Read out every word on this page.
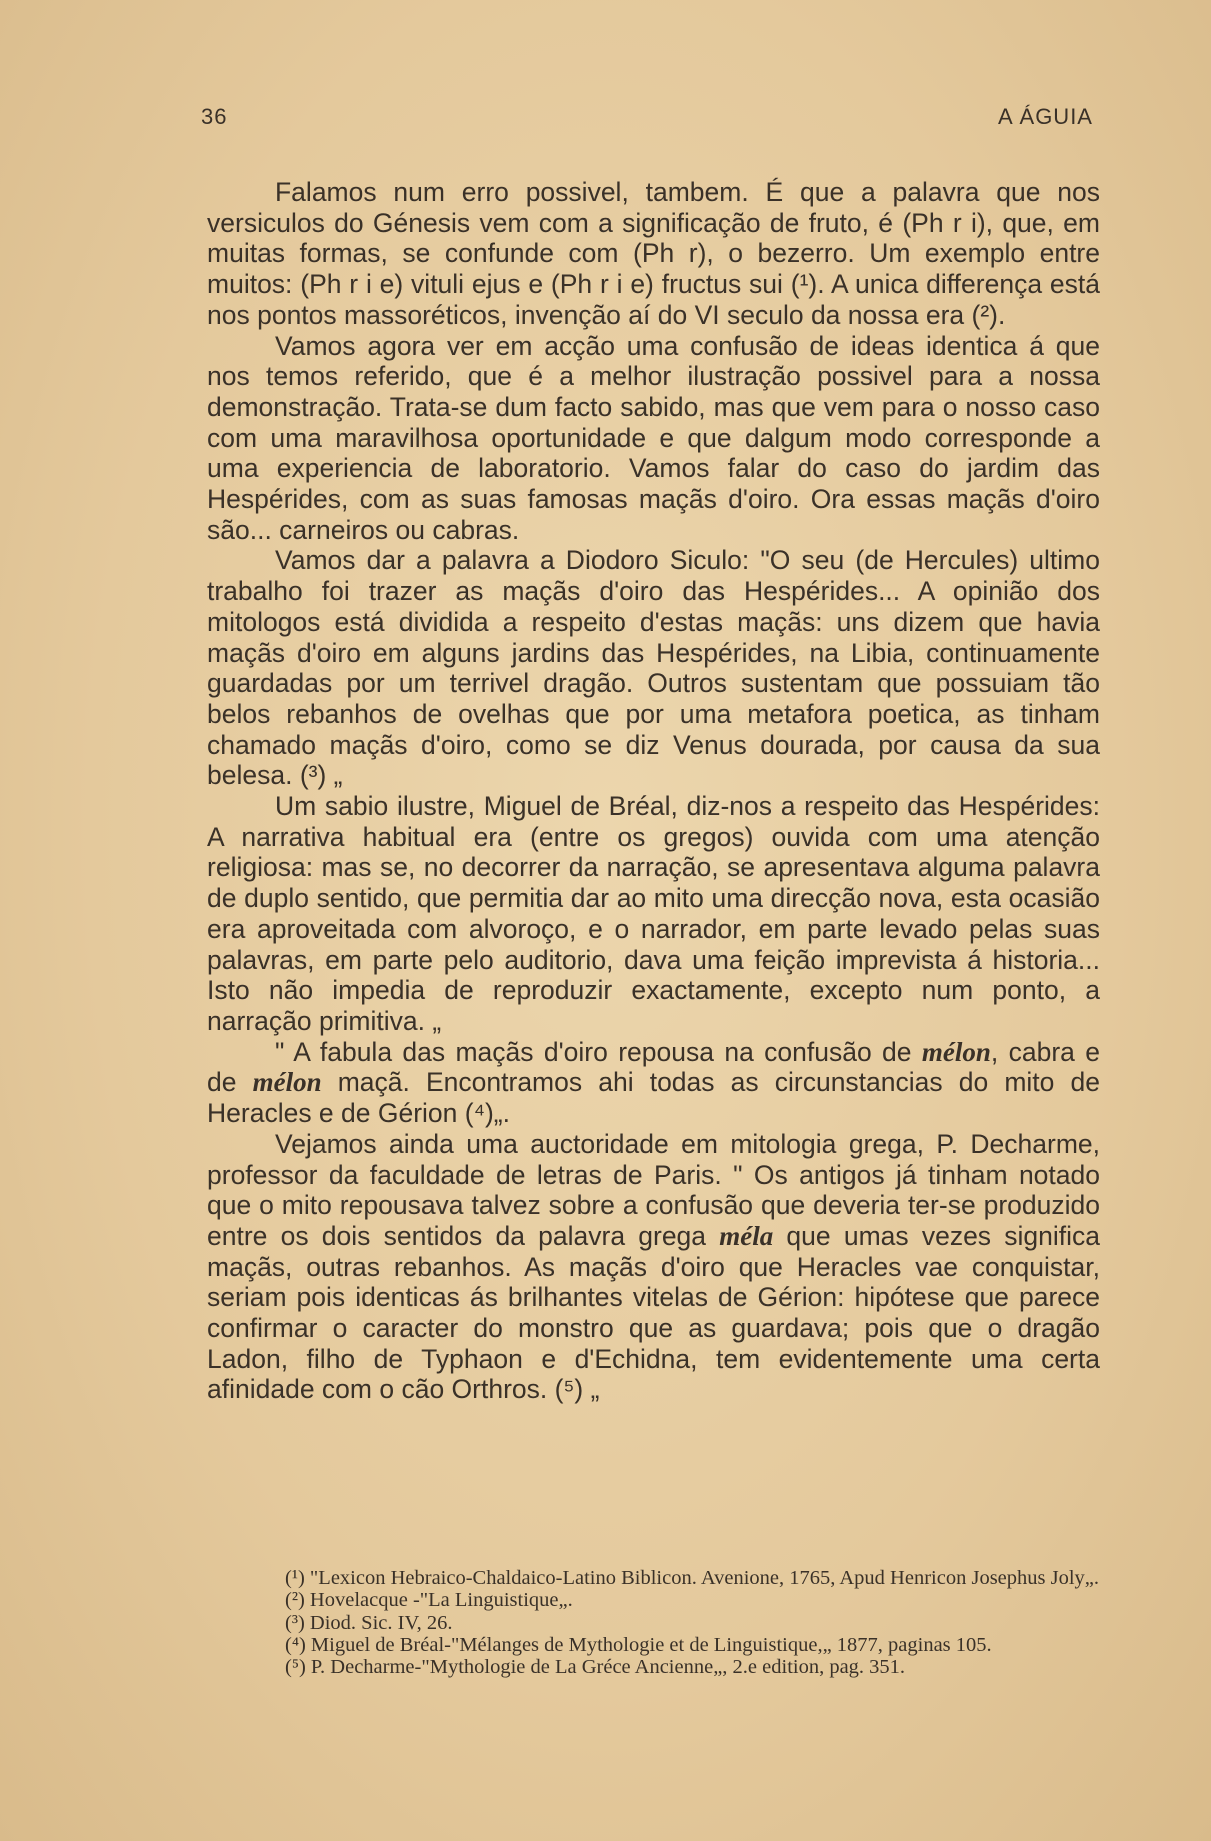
36	A ÁGUIA

Falamos num erro possivel, tambem. É que a palavra que nos versiculos do Génesis vem com a significação de fruto, é (Ph r i), que, em muitas formas, se confunde com (Ph r), o bezerro. Um exemplo entre muitos: (Ph r i e) vituli ejus e (Ph r i e) fructus sui (¹). A unica differença está nos pontos massoréticos, invenção aí do VI seculo da nossa era (²).

Vamos agora ver em acção uma confusão de ideas identica á que nos temos referido, que é a melhor ilustração possivel para a nossa demonstração. Trata-se dum facto sabido, mas que vem para o nosso caso com uma maravilhosa oportunidade e que dalgum modo corresponde a uma experiencia de laboratorio. Vamos falar do caso do jardim das Hespérides, com as suas famosas maçãs d'oiro. Ora essas maçãs d'oiro são... carneiros ou cabras.

Vamos dar a palavra a Diodoro Siculo: "O seu (de Hercules) ultimo trabalho foi trazer as maçãs d'oiro das Hespérides... A opinião dos mitologos está dividida a respeito d'estas maçãs: uns dizem que havia maçãs d'oiro em alguns jardins das Hespérides, na Libia, continuamente guardadas por um terrivel dragão. Outros sustentam que possuiam tão belos rebanhos de ovelhas que por uma metafora poetica, as tinham chamado maçãs d'oiro, como se diz Venus dourada, por causa da sua belesa. (³) „

Um sabio ilustre, Miguel de Bréal, diz-nos a respeito das Hespérides: A narrativa habitual era (entre os gregos) ouvida com uma atenção religiosa: mas se, no decorrer da narração, se apresentava alguma palavra de duplo sentido, que permitia dar ao mito uma direcção nova, esta ocasião era aproveitada com alvoroço, e o narrador, em parte levado pelas suas palavras, em parte pelo auditorio, dava uma feição imprevista á historia... Isto não impedia de reproduzir exactamente, excepto num ponto, a narração primitiva. „

" A fabula das maçãs d'oiro repousa na confusão de mélon, cabra e de mélon maçã. Encontramos ahi todas as circunstancias do mito de Heracles e de Gérion (⁴)„.

Vejamos ainda uma auctoridade em mitologia grega, P. Decharme, professor da faculdade de letras de Paris. " Os antigos já tinham notado que o mito repousava talvez sobre a confusão que deveria ter-se produzido entre os dois sentidos da palavra grega méla que umas vezes significa maçãs, outras rebanhos. As maçãs d'oiro que Heracles vae conquistar, seriam pois identicas ás brilhantes vitelas de Gérion: hipótese que parece confirmar o caracter do monstro que as guardava; pois que o dragão Ladon, filho de Typhaon e d'Echidna, tem evidentemente uma certa afinidade com o cão Orthros. (⁵) „

(¹) "Lexicon Hebraico-Chaldaico-Latino Biblicon. Avenione, 1765, Apud Henricon Josephus Joly„.

(²) Hovelacque -"La Linguistique„.

(³) Diod. Sic. IV, 26.

(⁴) Miguel de Bréal-"Mélanges de Mythologie et de Linguistique,„ 1877, paginas 105.

(⁵) P. Decharme-"Mythologie de La Gréce Ancienne„, 2.e edition, pag. 351.
